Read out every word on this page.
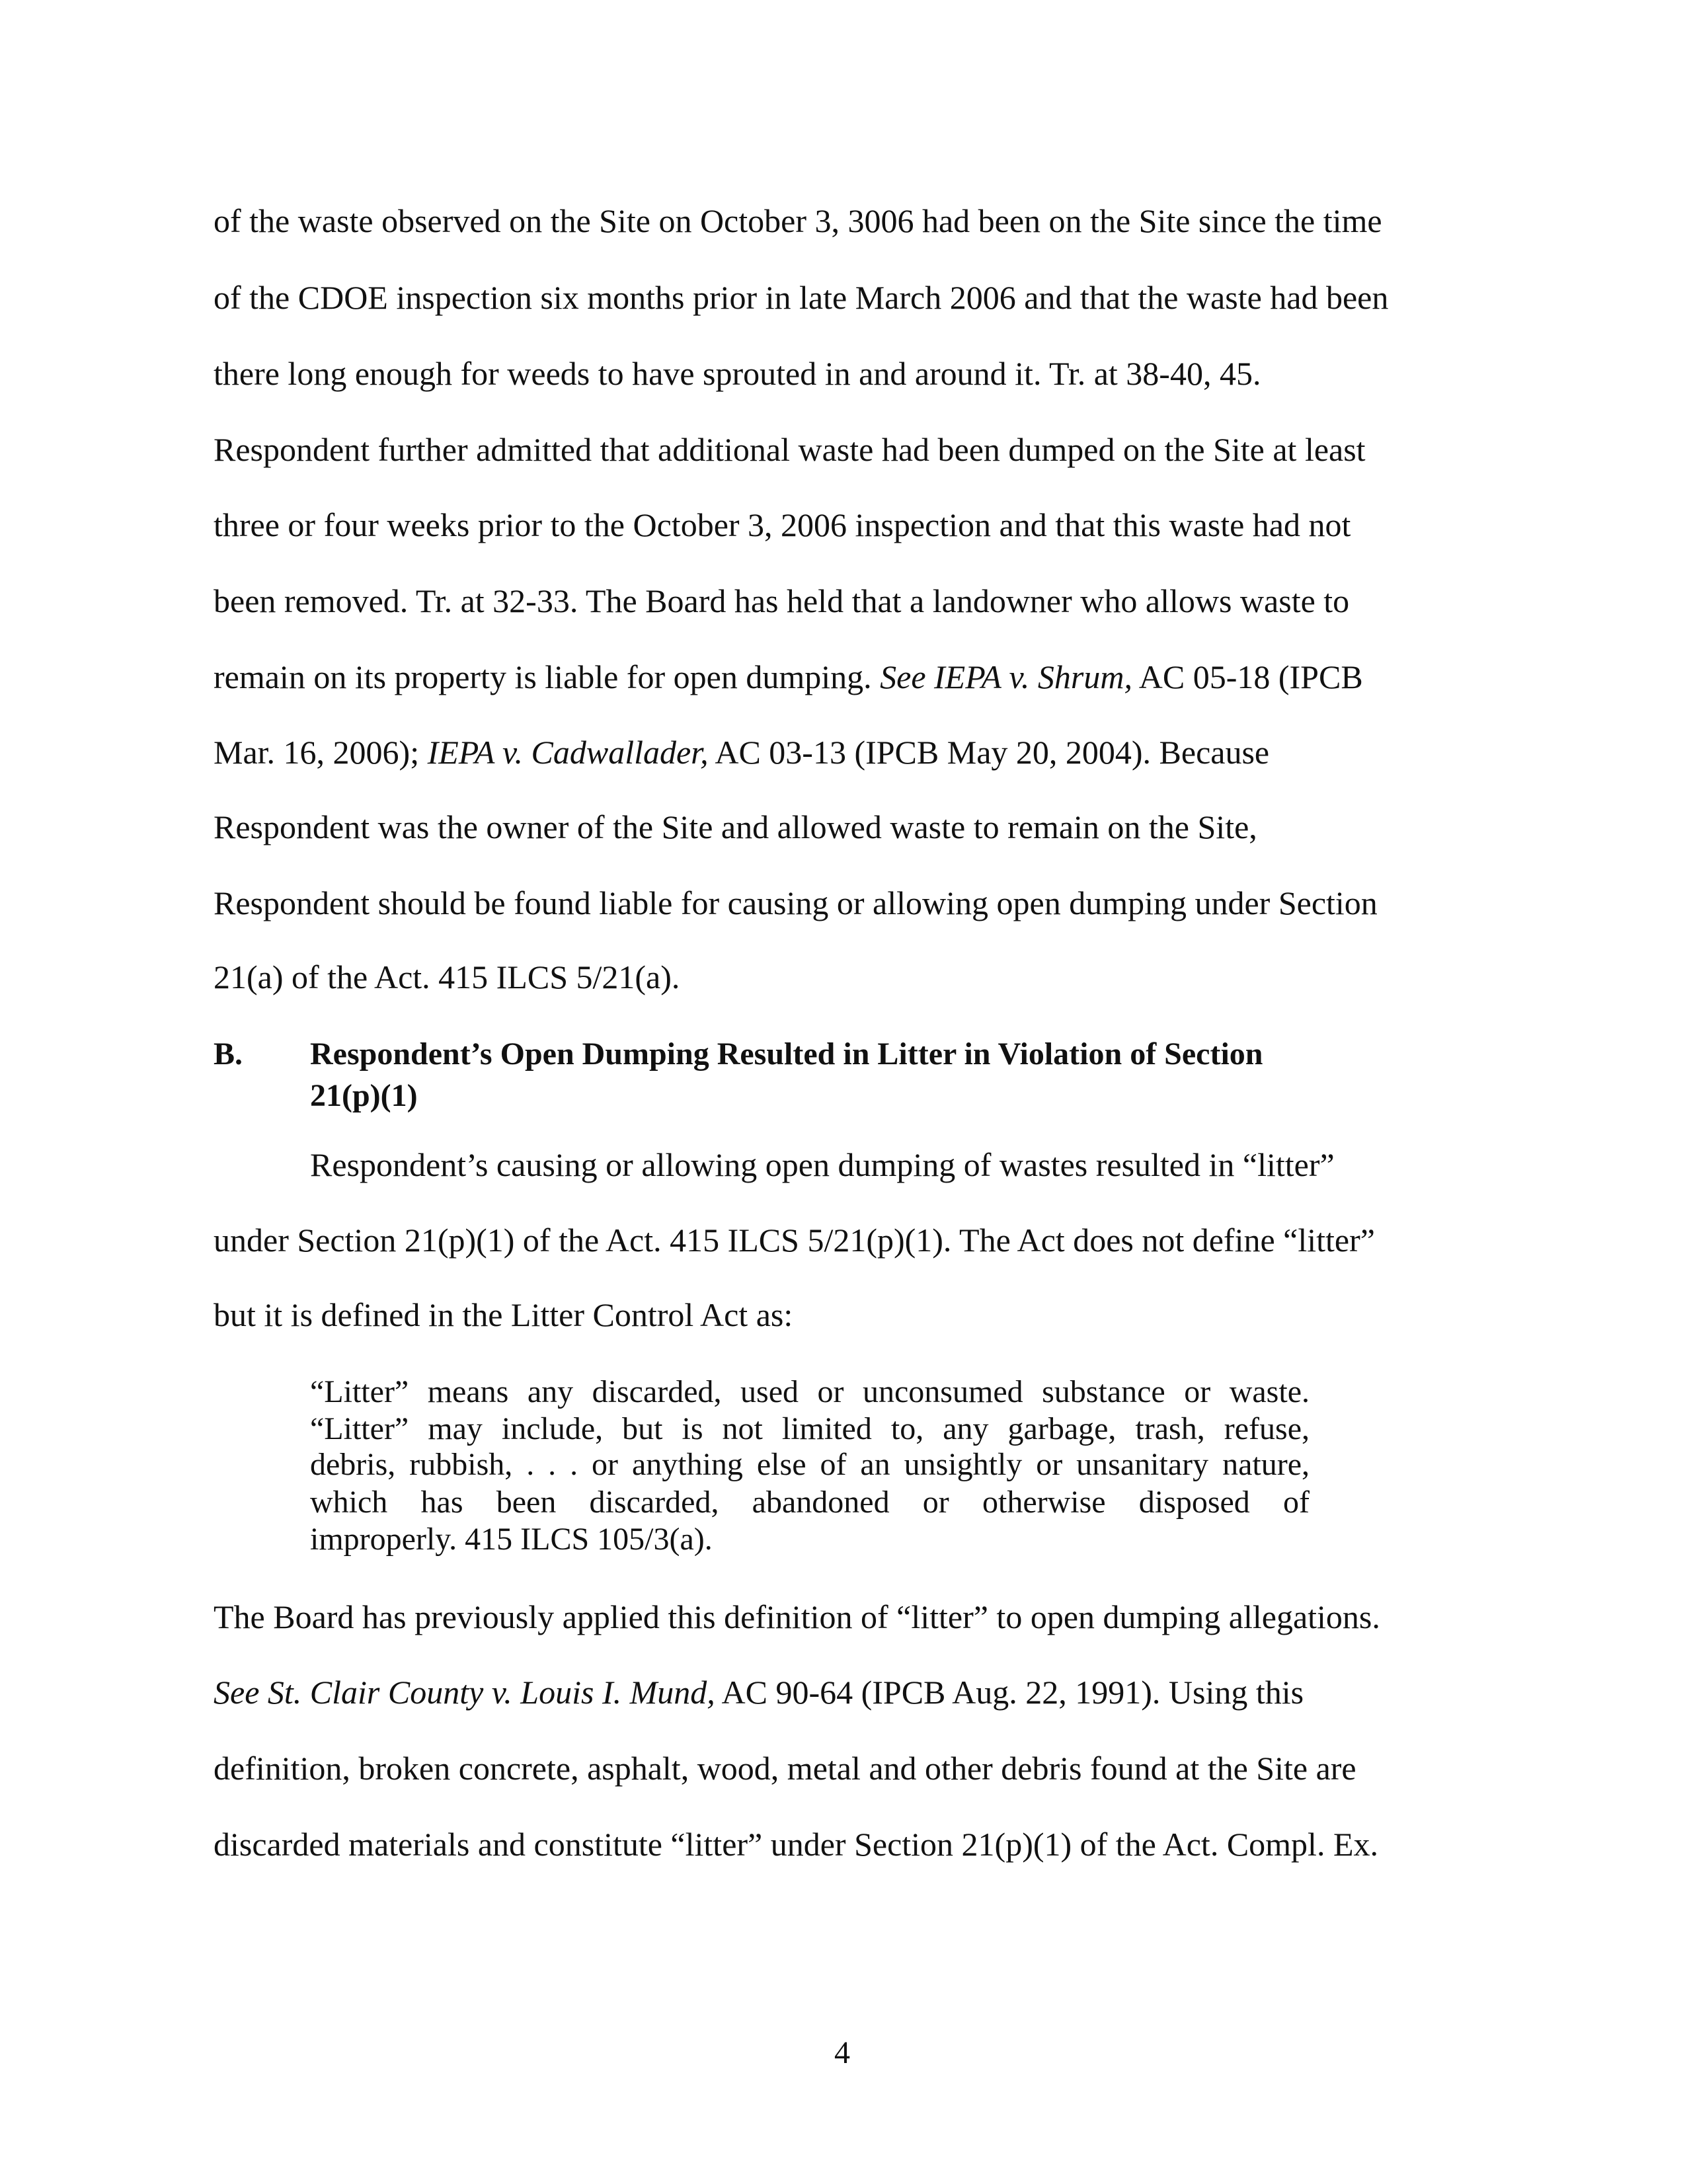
B. Respondent’s Open Dumping Resulted in Litter in Violation of Section
21(p)(1)
4
of the waste observed on the Site on October 3, 3006 had been on the Site since the time
of the CDOE inspection six months prior in late March 2006 and that the waste had been
there long enough for weeds to have sprouted in and around it. Tr. at 38-40, 45.
Respondent further admitted that additional waste had been dumped on the Site at least
three or four weeks prior to the October 3, 2006 inspection and that this waste had not
been removed. Tr. at 32-33. The Board has held that a landowner who allows waste to
remain on its property is liable for open dumping. See IEPA v. Shrum, AC 05-18 (IPCB
Mar. 16, 2006); IEPA v. Cadwallader, AC 03-13 (IPCB May 20, 2004). Because
Respondent was the owner of the Site and allowed waste to remain on the Site,
Respondent should be found liable for causing or allowing open dumping under Section
21(a) of the Act. 415 ILCS 5/21(a).
Respondent’s causing or allowing open dumping of wastes resulted in “litter”
under Section 21(p)(1) of the Act. 415 ILCS 5/21(p)(1). The Act does not define “litter”
but it is defined in the Litter Control Act as:
The Board has previously applied this definition of “litter” to open dumping allegations.
See St. Clair County v. Louis I. Mund, AC 90-64 (IPCB Aug. 22, 1991). Using this
definition, broken concrete, asphalt, wood, metal and other debris found at the Site are
discarded materials and constitute “litter” under Section 21(p)(1) of the Act. Compl. Ex.
“Litter” means any discarded, used or unconsumed substance or waste.
“Litter” may include, but is not limited to, any garbage, trash, refuse,
debris, rubbish, . . . or anything else of an unsightly or unsanitary nature,
which has been discarded, abandoned or otherwise disposed of
improperly. 415 ILCS 105/3(a).
